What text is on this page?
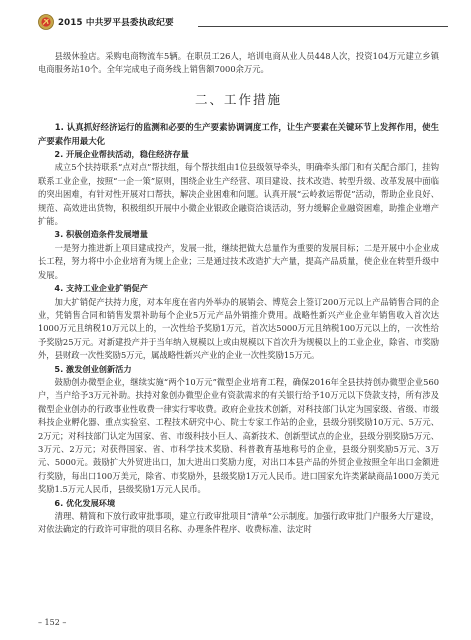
2015 中共罗平县委执政纪要

县级休验店。采购电商物流车5辆。在职员工26人，培训电商从业人员448人次，投资104万元建立乡镇电商服务站10个。全年完成电子商务线上销售额7000余万元。

二、工作措施

1. 认真抓好经济运行的监测和必要的生产要素协调调度工作，让生产要素在关键环节上发挥作用，使生产要素作用最大化

2. 开展企业帮扶活动，稳住经济存量

成立5个扶持联系“点对点”帮扶组，每个帮扶组由1位县级领导牵头，明确牵头部门和有关配合部门，挂钩联系工业企业，按照“一企一策”原则，围绕企业生产经营、项目建设、技术改造、转型升级、改革发展中面临的突出困难，有针对性开展对口帮扶，解决企业困难和问题。认真开展“云岭救运帮促”活动，帮助企业良好、规范、高效进出货物，积极组织开展中小微企业银政企融资洽谈活动，努力缓解企业融资困难，助推企业增产扩能。

3. 积极创造条件发展增量

一是努力推进新上项目建成投产，发展一批，继续把做大总量作为重要的发展目标；二是开展中小企业成长工程，努力将中小企业培育为规上企业；三是通过技术改造扩大产量，提高产品质量，使企业在转型升级中发展。

4. 支持工业企业扩销促产

加大扩销促产扶持力度，对本年度在省内外举办的展销会、博览会上签订200万元以上产品销售合同的企业，凭销售合同和销售发票补助每个企业5万元产品外销推介费用。战略性新兴产业企业年销售收入首次达1000万元且纳税10万元以上的，一次性给予奖励1万元，首次达5000万元且纳税100万元以上的，一次性给予奖励25万元。对新建投产并于当年纳入规模以上或由规模以下首次升为规模以上的工业企业，除省、市奖励外，县财政一次性奖励5万元，属战略性新兴产业的企业一次性奖励15万元。

5. 激发创业创新活力

鼓励创办微型企业，继续实施“两个10万元”微型企业培育工程，确保2016年全县扶持创办微型企业560户，当户给予3万元补助。扶持对象创办微型企业有资款需求的有关银行给予10万元以下贷款支持，所有涉及微型企业创办的行政事业性收费一律实行零收费。政府企业技术创新，对科技部门认定为国家级、省级、市级科技企业孵化器、重点实验室、工程技术研究中心、院士专家工作站的企业，县级分别奖励10万元、5万元、2万元；对科技部门认定为国家、省、市级科技小巨人、高新技术、创新型试点的企业，县级分别奖励5万元、3万元、2万元；对获得国家、省、市科学技术奖励、科普教育基地称号的企业，县级分别奖励5万元、3万元、5000元。鼓励扩大外贸进出口，加大进出口奖励力度，对出口本县产品的外贸企业按照全年出口金额进行奖励，每出口100万美元，除省、市奖励外，县级奖励1万元人民币。进口国家允许类紧缺商品1000万美元奖励1.5万元人民币，县级奖励1万元人民币。

6. 优化发展环境

清理、精简和下放行政审批事项，建立行政审批项目“清单”公示制度。加强行政审批门户服务大厅建设，对依法确定的行政许可审批的项目名称、办理条件程序、收费标准、法定时

– 152 –
